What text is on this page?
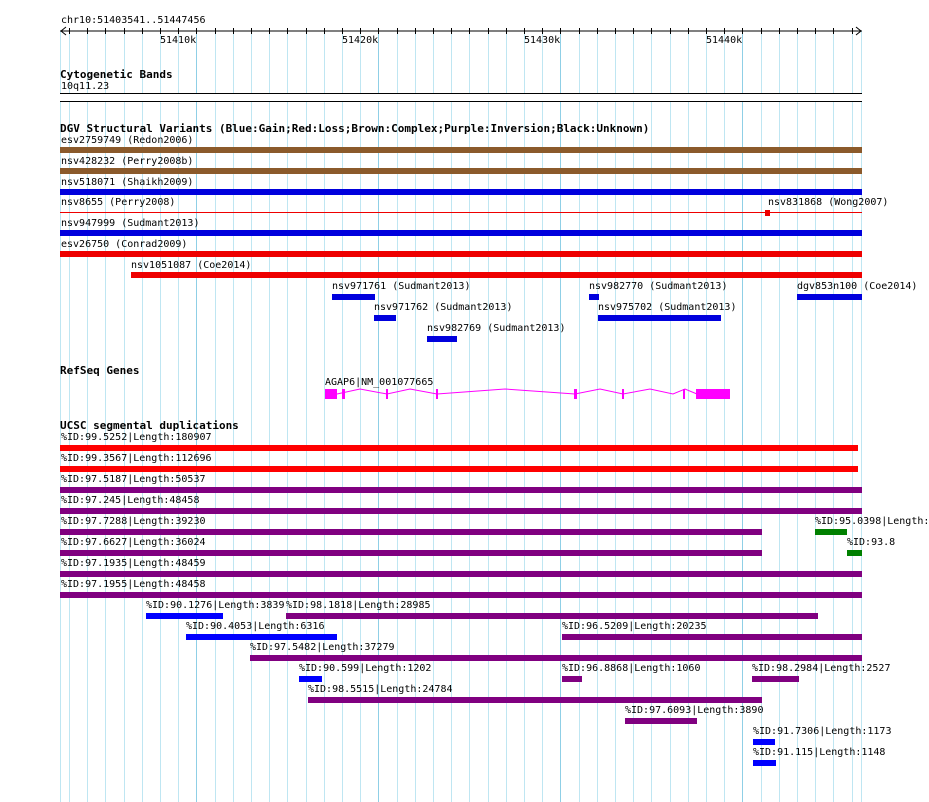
chr10:51403541..51447456
51410k	51420k	51430k	51440k
Cytogenetic Bands
10q11.23
DGV Structural Variants (Blue:Gain;Red:Loss;Brown:Complex;Purple:Inversion;Black:Unknown)
esv2759749 (Redon2006)
nsv428232 (Perry2008b)
nsv518071 (Shaikh2009)
nsv8655 (Perry2008)	nsv831868 (Wong2007)
nsv947999 (Sudmant2013)
esv26750 (Conrad2009)
nsv1051087 (Coe2014)
nsv971761 (Sudmant2013)	nsv982770 (Sudmant2013)	dgv853n100 (Coe2014)
nsv971762 (Sudmant2013)	nsv975702 (Sudmant2013)
nsv982769 (Sudmant2013)
RefSeq Genes
AGAP6|NM_001077665
UCSC segmental duplications
%ID:99.5252|Length:180907
%ID:99.3567|Length:112696
%ID:97.5187|Length:50537
%ID:97.245|Length:48458
%ID:97.7288|Length:39230	%ID:95.0398|Length:
%ID:97.6627|Length:36024	%ID:93.8
%ID:97.1935|Length:48459
%ID:97.1955|Length:48458
%ID:90.1276|Length:3839 %ID:98.1818|Length:28985
%ID:90.4053|Length:6316	%ID:96.5209|Length:20235
%ID:97.5482|Length:37279
%ID:90.599|Length:1202	%ID:96.8868|Length:1060	%ID:98.2984|Length:2527
%ID:98.5515|Length:24784
%ID:97.6093|Length:3890
%ID:91.7306|Length:1173
%ID:91.115|Length:1148
